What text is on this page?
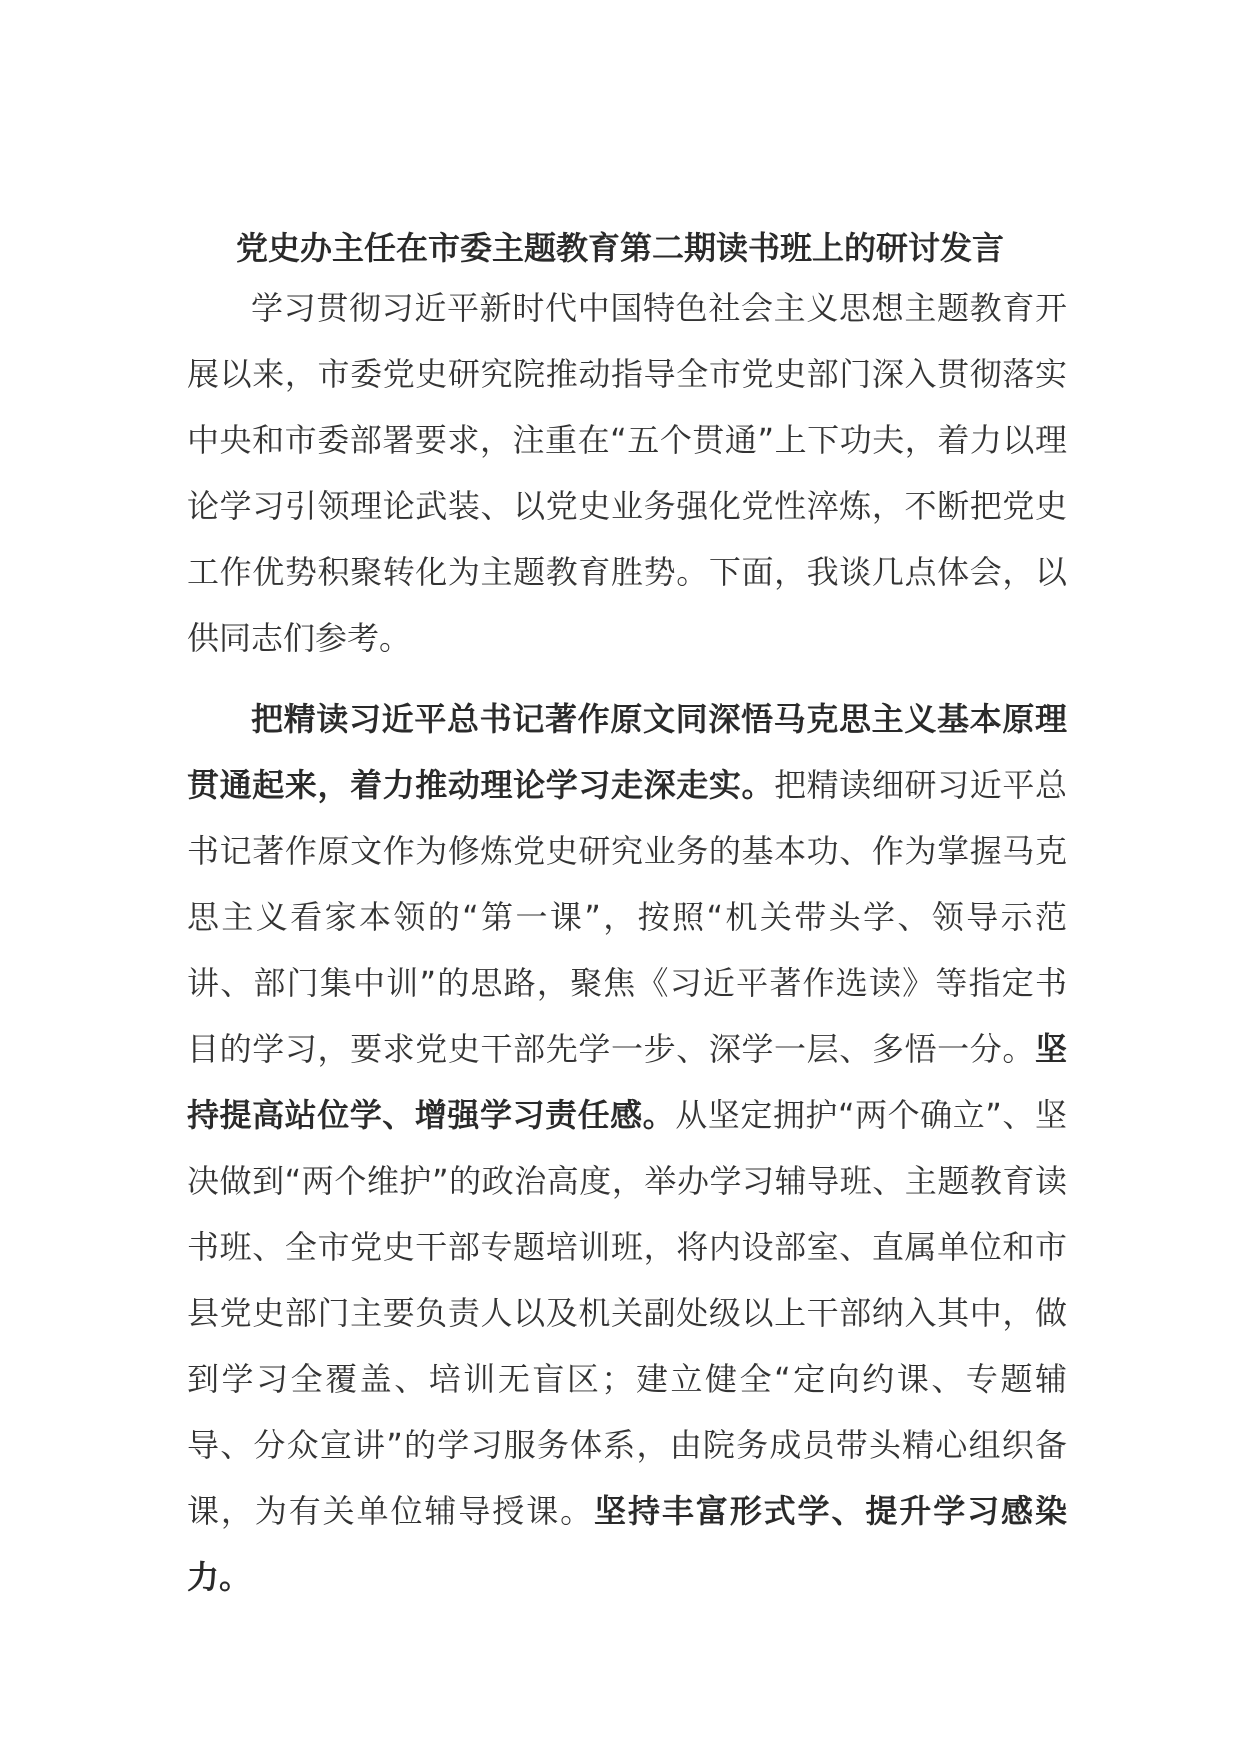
党史办主任在市委主题教育第二期读书班上的研讨发言

学习贯彻习近平新时代中国特色社会主义思想主题教育开展以来，市委党史研究院推动指导全市党史部门深入贯彻落实中央和市委部署要求，注重在“五个贯通”上下功夫，着力以理论学习引领理论武装、以党史业务强化党性淬炼，不断把党史工作优势积聚转化为主题教育胜势。下面，我谈几点体会，以供同志们参考。

把精读习近平总书记著作原文同深悟马克思主义基本原理贯通起来，着力推动理论学习走深走实。把精读细研习近平总书记著作原文作为修炼党史研究业务的基本功、作为掌握马克思主义看家本领的“第一课”，按照“机关带头学、领导示范讲、部门集中训”的思路，聚焦《习近平著作选读》等指定书目的学习，要求党史干部先学一步、深学一层、多悟一分。坚持提高站位学、增强学习责任感。从坚定拥护“两个确立”、坚决做到“两个维护”的政治高度，举办学习辅导班、主题教育读书班、全市党史干部专题培训班，将内设部室、直属单位和市县党史部门主要负责人以及机关副处级以上干部纳入其中，做到学习全覆盖、培训无盲区；建立健全“定向约课、专题辅导、分众宣讲”的学习服务体系，由院务成员带头精心组织备课，为有关单位辅导授课。坚持丰富形式学、提升学习感染力。
